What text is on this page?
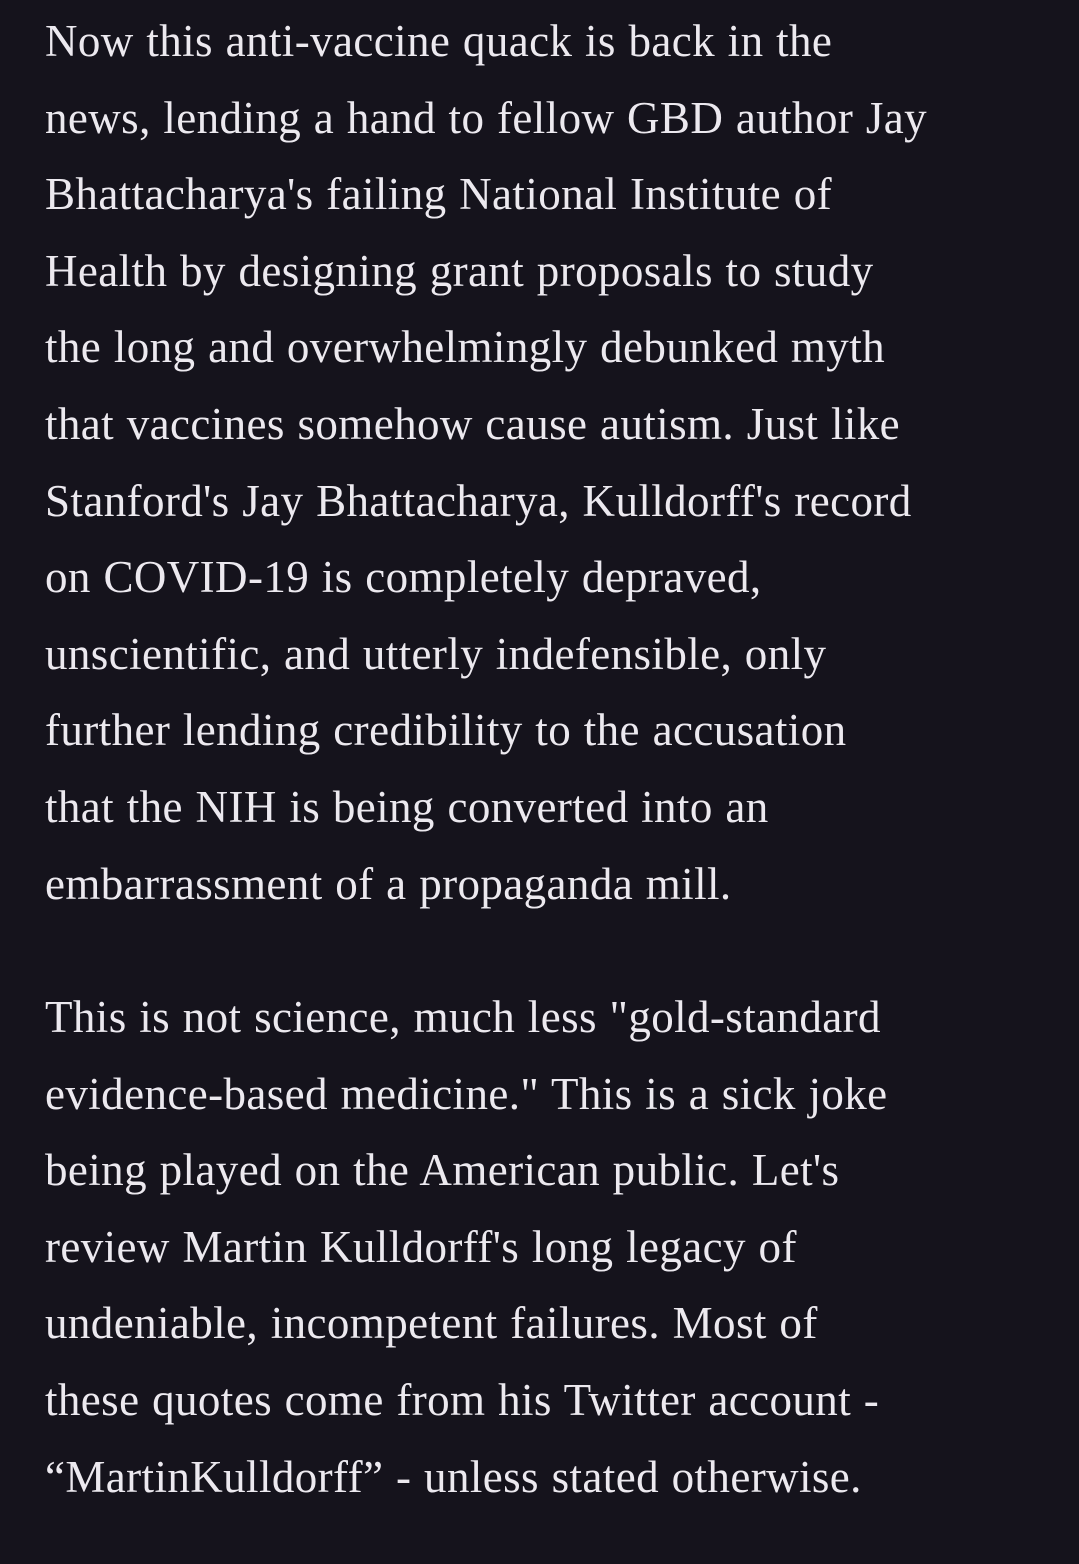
Now this anti-vaccine quack is back in the
news, lending a hand to fellow GBD author Jay
Bhattacharya's failing National Institute of
Health by designing grant proposals to study
the long and overwhelmingly debunked myth
that vaccines somehow cause autism. Just like
Stanford's Jay Bhattacharya, Kulldorff's record
on COVID-19 is completely depraved,
unscientific, and utterly indefensible, only
further lending credibility to the accusation
that the NIH is being converted into an
embarrassment of a propaganda mill.

This is not science, much less "gold-standard
evidence-based medicine." This is a sick joke
being played on the American public. Let's
review Martin Kulldorff's long legacy of
undeniable, incompetent failures. Most of
these quotes come from his Twitter account -
“MartinKulldorff” - unless stated otherwise.
